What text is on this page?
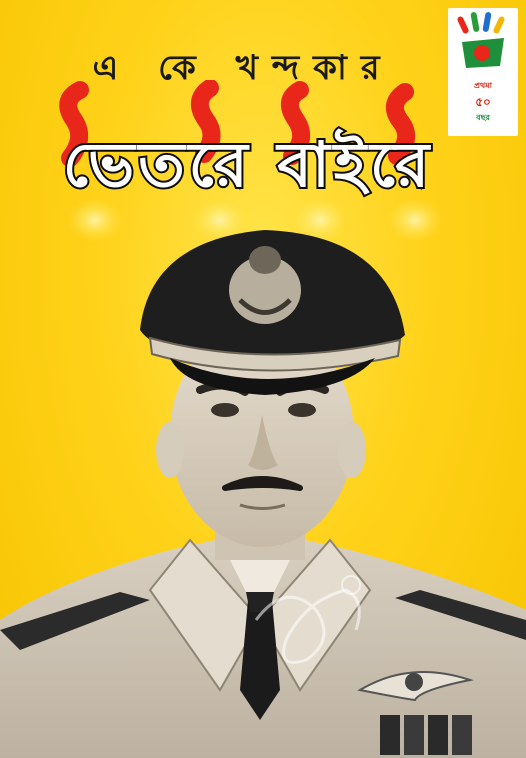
এ কে খন্দকার
ভেতরে বাইরে
প্রথমা
৫০
বছর
